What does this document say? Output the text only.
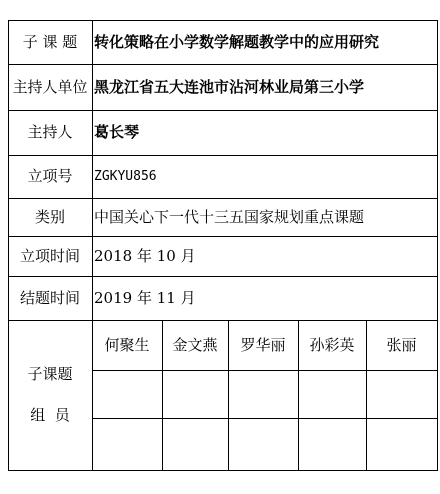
子 课 题	转化策略在小学数学解题教学中的应用研究
主持人单位 黑龙江省五大连池市沾河林业局第三小学
主持人	葛长琴
立项号	ZGKYU856
类别	中国关心下一代十三五国家规划重点课题
立项时间 2018 年 10 月
结题时间 2019 年 11 月
子课题
组  员
何聚生	金文燕	罗华丽	孙彩英	张丽
